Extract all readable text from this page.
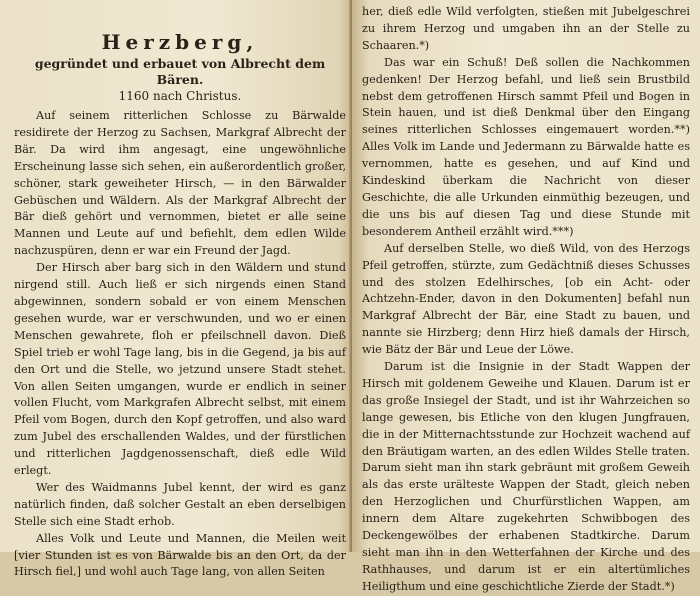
Herzberg,

gegründet und erbauet von Albrecht dem Bären.

1160 nach Christus.

Auf seinem ritterlichen Schlosse zu Bärwalde residirete der Herzog zu Sachsen, Markgraf Albrecht der Bär. Da wird ihm angesagt, eine ungewöhnliche Erscheinung lasse sich sehen, ein außerordentlich großer, schöner, stark geweiheter Hirsch, — in den Bärwalder Gebüschen und Wäldern. Als der Markgraf Albrecht der Bär dieß gehört und vernommen, bietet er alle seine Mannen und Leute auf und befiehlt, dem edlen Wilde nachzuspüren, denn er war ein Freund der Jagd.

Der Hirsch aber barg sich in den Wäldern und stund nirgend still. Auch ließ er sich nirgends einen Stand abgewinnen, sondern sobald er von einem Menschen gesehen wurde, war er verschwunden, und wo er einen Menschen gewahrete, floh er pfeilschnell davon. Dieß Spiel trieb er wohl Tage lang, bis in die Gegend, ja bis auf den Ort und die Stelle, wo jetzund unsere Stadt stehet. Von allen Seiten umgangen, wurde er endlich in seiner vollen Flucht, vom Markgrafen Albrecht selbst, mit einem Pfeil vom Bogen, durch den Kopf getroffen, und also ward zum Jubel des erschallenden Waldes, und der fürstlichen und ritterlichen Jagdgenossenschaft, dieß edle Wild erlegt.

Wer des Waidmanns Jubel kennt, der wird es ganz natürlich finden, daß solcher Gestalt an eben derselbigen Stelle sich eine Stadt erhob.

Alles Volk und Leute und Mannen, die Meilen weit [vier Stunden ist es von Bärwalde bis an den Ort, da der Hirsch fiel,] und wohl auch Tage lang, von allen Seiten

her, dieß edle Wild verfolgten, stießen mit Jubelgeschrei zu ihrem Herzog und umgaben ihn an der Stelle zu Schaaren.*)

Das war ein Schuß! Deß sollen die Nachkommen gedenken! Der Herzog befahl, und ließ sein Brustbild nebst dem getroffenen Hirsch sammt Pfeil und Bogen in Stein hauen, und ist dieß Denkmal über den Eingang seines ritterlichen Schlosses eingemauert worden.**) Alles Volk im Lande und Jedermann zu Bärwalde hatte es vernommen, hatte es gesehen, und auf Kind und Kindeskind überkam die Nachricht von dieser Geschichte, die alle Urkunden einmüthig bezeugen, und die uns bis auf diesen Tag und diese Stunde mit besonderem Antheil erzählt wird.***)

Auf derselben Stelle, wo dieß Wild, von des Herzogs Pfeil getroffen, stürzte, zum Gedächtniß dieses Schusses und des stolzen Edelhirsches, [ob ein Acht- oder Achtzehn-Ender, davon in den Dokumenten] befahl nun Markgraf Albrecht der Bär, eine Stadt zu bauen, und nannte sie Hirzberg; denn Hirz hieß damals der Hirsch, wie Bätz der Bär und Leue der Löwe.

Darum ist die Insignie in der Stadt Wappen der Hirsch mit goldenem Geweihe und Klauen. Darum ist er das große Insiegel der Stadt, und ist ihr Wahrzeichen so lange gewesen, bis Etliche von den klugen Jungfrauen, die in der Mitternachtsstunde zur Hochzeit wachend auf den Bräutigam warten, an des edlen Wildes Stelle traten. Darum sieht man ihn stark gebräunt mit großem Geweih als das erste urälteste Wappen der Stadt, gleich neben den Herzoglichen und Churfürstlichen Wappen, am innern dem Altare zugekehrten Schwibbogen des Deckengewölbes der erhabenen Stadtkirche. Darum sieht man ihn in den Wetterfahnen der Kirche und des Rathhauses, und darum ist er ein altertümliches Heiligthum und eine geschichtliche Zierde der Stadt.*)
